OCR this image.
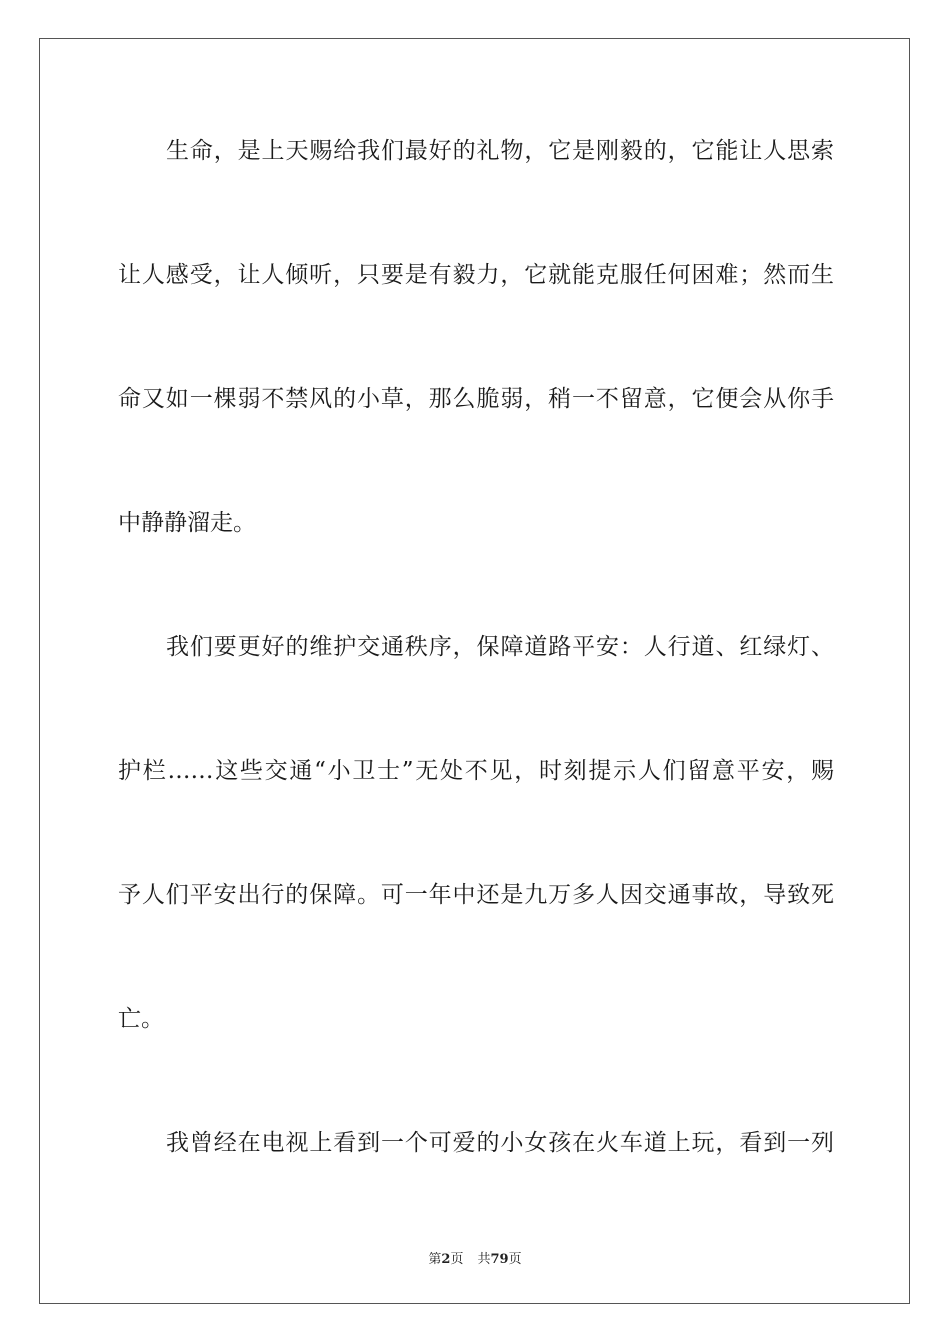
生命，是上天赐给我们最好的礼物，它是刚毅的，它能让人思索
让人感受，让人倾听，只要是有毅力，它就能克服任何困难；然而生
命又如一棵弱不禁风的小草，那么脆弱，稍一不留意，它便会从你手
中静静溜走。
我们要更好的维护交通秩序，保障道路平安：人行道、红绿灯、
护栏……这些交通“小卫士”无处不见，时刻提示人们留意平安，赐
予人们平安出行的保障。可一年中还是九万多人因交通事故，导致死
亡。
我曾经在电视上看到一个可爱的小女孩在火车道上玩，看到一列
第2页 共79页
